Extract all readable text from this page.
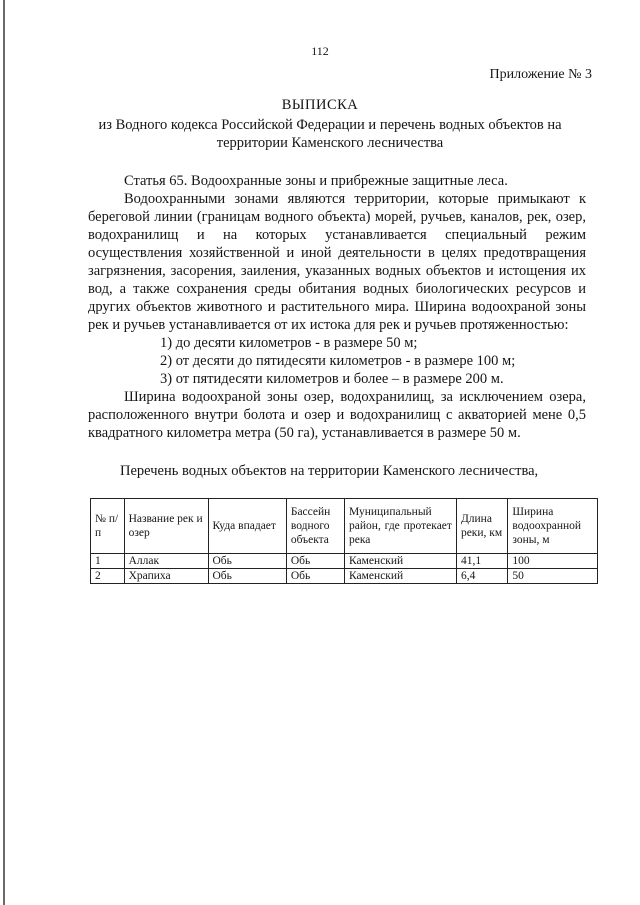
112
Приложение № 3
ВЫПИСКА
из Водного кодекса Российской Федерации и перечень водных объектов на
территории Каменского лесничества

Статья 65. Водоохранные зоны и прибрежные защитные леса.

Водоохранными зонами являются территории, которые примыкают к береговой линии (границам водного объекта) морей, ручьев, каналов, рек, озер, водохранилищ и на которых устанавливается специальный режим осуществления хозяйственной и иной деятельности в целях предотвращения загрязнения, засорения, заиления, указанных водных объектов и истощения их вод, а также сохранения среды обитания водных биологических ресурсов и других объектов животного и растительного мира. Ширина водоохраной зоны рек и ручьев устанавливается от их истока для рек и ручьев протяженностью:

1) до десяти километров - в размере 50 м;

2) от десяти до пятидесяти километров - в размере 100 м;

3) от пятидесяти километров и более – в размере 200 м.

Ширина водоохраной зоны озер, водохранилищ, за исключением озера, расположенного внутри болота и озер и водохранилищ с акваторией мене 0,5 квадратного километра метра (50 га), устанавливается в размере 50 м.

Перечень водных объектов на территории Каменского лесничества,
№ п/п	Название рек и озер	Куда впадает	Бассейн водного объекта	Муниципальный район, где протекает река	Длина реки, км	Ширина водоохранной зоны, м
1	Аллак	Обь	Обь	Каменский	41,1	100
2	Храпиха	Обь	Обь	Каменский	6,4	50
